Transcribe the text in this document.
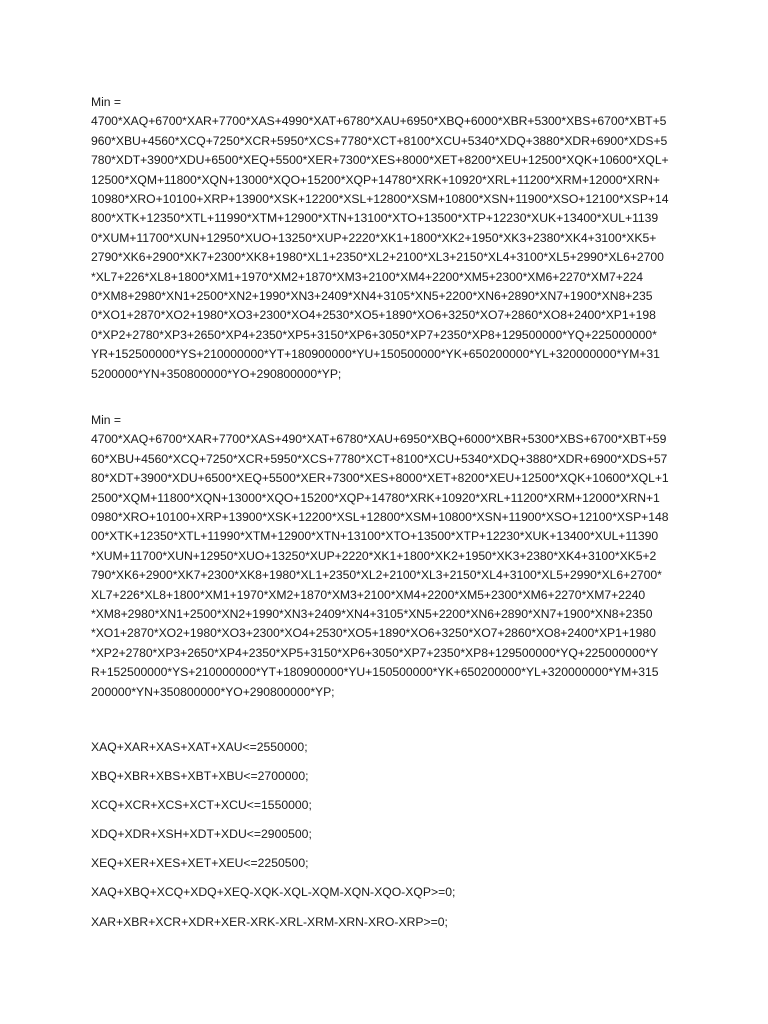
Min =
4700*XAQ+6700*XAR+7700*XAS+4990*XAT+6780*XAU+6950*XBQ+6000*XBR+5300*XBS+6700*XBT+5
960*XBU+4560*XCQ+7250*XCR+5950*XCS+7780*XCT+8100*XCU+5340*XDQ+3880*XDR+6900*XDS+5
780*XDT+3900*XDU+6500*XEQ+5500*XER+7300*XES+8000*XET+8200*XEU+12500*XQK+10600*XQL+
12500*XQM+11800*XQN+13000*XQO+15200*XQP+14780*XRK+10920*XRL+11200*XRM+12000*XRN+
10980*XRO+10100+XRP+13900*XSK+12200*XSL+12800*XSM+10800*XSN+11900*XSO+12100*XSP+14
800*XTK+12350*XTL+11990*XTM+12900*XTN+13100*XTO+13500*XTP+12230*XUK+13400*XUL+1139
0*XUM+11700*XUN+12950*XUO+13250*XUP+2220*XK1+1800*XK2+1950*XK3+2380*XK4+3100*XK5+
2790*XK6+2900*XK7+2300*XK8+1980*XL1+2350*XL2+2100*XL3+2150*XL4+3100*XL5+2990*XL6+2700
*XL7+226*XL8+1800*XM1+1970*XM2+1870*XM3+2100*XM4+2200*XM5+2300*XM6+2270*XM7+224
0*XM8+2980*XN1+2500*XN2+1990*XN3+2409*XN4+3105*XN5+2200*XN6+2890*XN7+1900*XN8+235
0*XO1+2870*XO2+1980*XO3+2300*XO4+2530*XO5+1890*XO6+3250*XO7+2860*XO8+2400*XP1+198
0*XP2+2780*XP3+2650*XP4+2350*XP5+3150*XP6+3050*XP7+2350*XP8+129500000*YQ+225000000*
YR+152500000*YS+210000000*YT+180900000*YU+150500000*YK+650200000*YL+320000000*YM+31
5200000*YN+350800000*YO+290800000*YP;
Min =
4700*XAQ+6700*XAR+7700*XAS+490*XAT+6780*XAU+6950*XBQ+6000*XBR+5300*XBS+6700*XBT+59
60*XBU+4560*XCQ+7250*XCR+5950*XCS+7780*XCT+8100*XCU+5340*XDQ+3880*XDR+6900*XDS+57
80*XDT+3900*XDU+6500*XEQ+5500*XER+7300*XES+8000*XET+8200*XEU+12500*XQK+10600*XQL+1
2500*XQM+11800*XQN+13000*XQO+15200*XQP+14780*XRK+10920*XRL+11200*XRM+12000*XRN+1
0980*XRO+10100+XRP+13900*XSK+12200*XSL+12800*XSM+10800*XSN+11900*XSO+12100*XSP+148
00*XTK+12350*XTL+11990*XTM+12900*XTN+13100*XTO+13500*XTP+12230*XUK+13400*XUL+11390
*XUM+11700*XUN+12950*XUO+13250*XUP+2220*XK1+1800*XK2+1950*XK3+2380*XK4+3100*XK5+2
790*XK6+2900*XK7+2300*XK8+1980*XL1+2350*XL2+2100*XL3+2150*XL4+3100*XL5+2990*XL6+2700*
XL7+226*XL8+1800*XM1+1970*XM2+1870*XM3+2100*XM4+2200*XM5+2300*XM6+2270*XM7+2240
*XM8+2980*XN1+2500*XN2+1990*XN3+2409*XN4+3105*XN5+2200*XN6+2890*XN7+1900*XN8+2350
*XO1+2870*XO2+1980*XO3+2300*XO4+2530*XO5+1890*XO6+3250*XO7+2860*XO8+2400*XP1+1980
*XP2+2780*XP3+2650*XP4+2350*XP5+3150*XP6+3050*XP7+2350*XP8+129500000*YQ+225000000*Y
R+152500000*YS+210000000*YT+180900000*YU+150500000*YK+650200000*YL+320000000*YM+315
200000*YN+350800000*YO+290800000*YP;
XAQ+XAR+XAS+XAT+XAU<=2550000;
XBQ+XBR+XBS+XBT+XBU<=2700000;
XCQ+XCR+XCS+XCT+XCU<=1550000;
XDQ+XDR+XSH+XDT+XDU<=2900500;
XEQ+XER+XES+XET+XEU<=2250500;
XAQ+XBQ+XCQ+XDQ+XEQ-XQK-XQL-XQM-XQN-XQO-XQP>=0;
XAR+XBR+XCR+XDR+XER-XRK-XRL-XRM-XRN-XRO-XRP>=0;
